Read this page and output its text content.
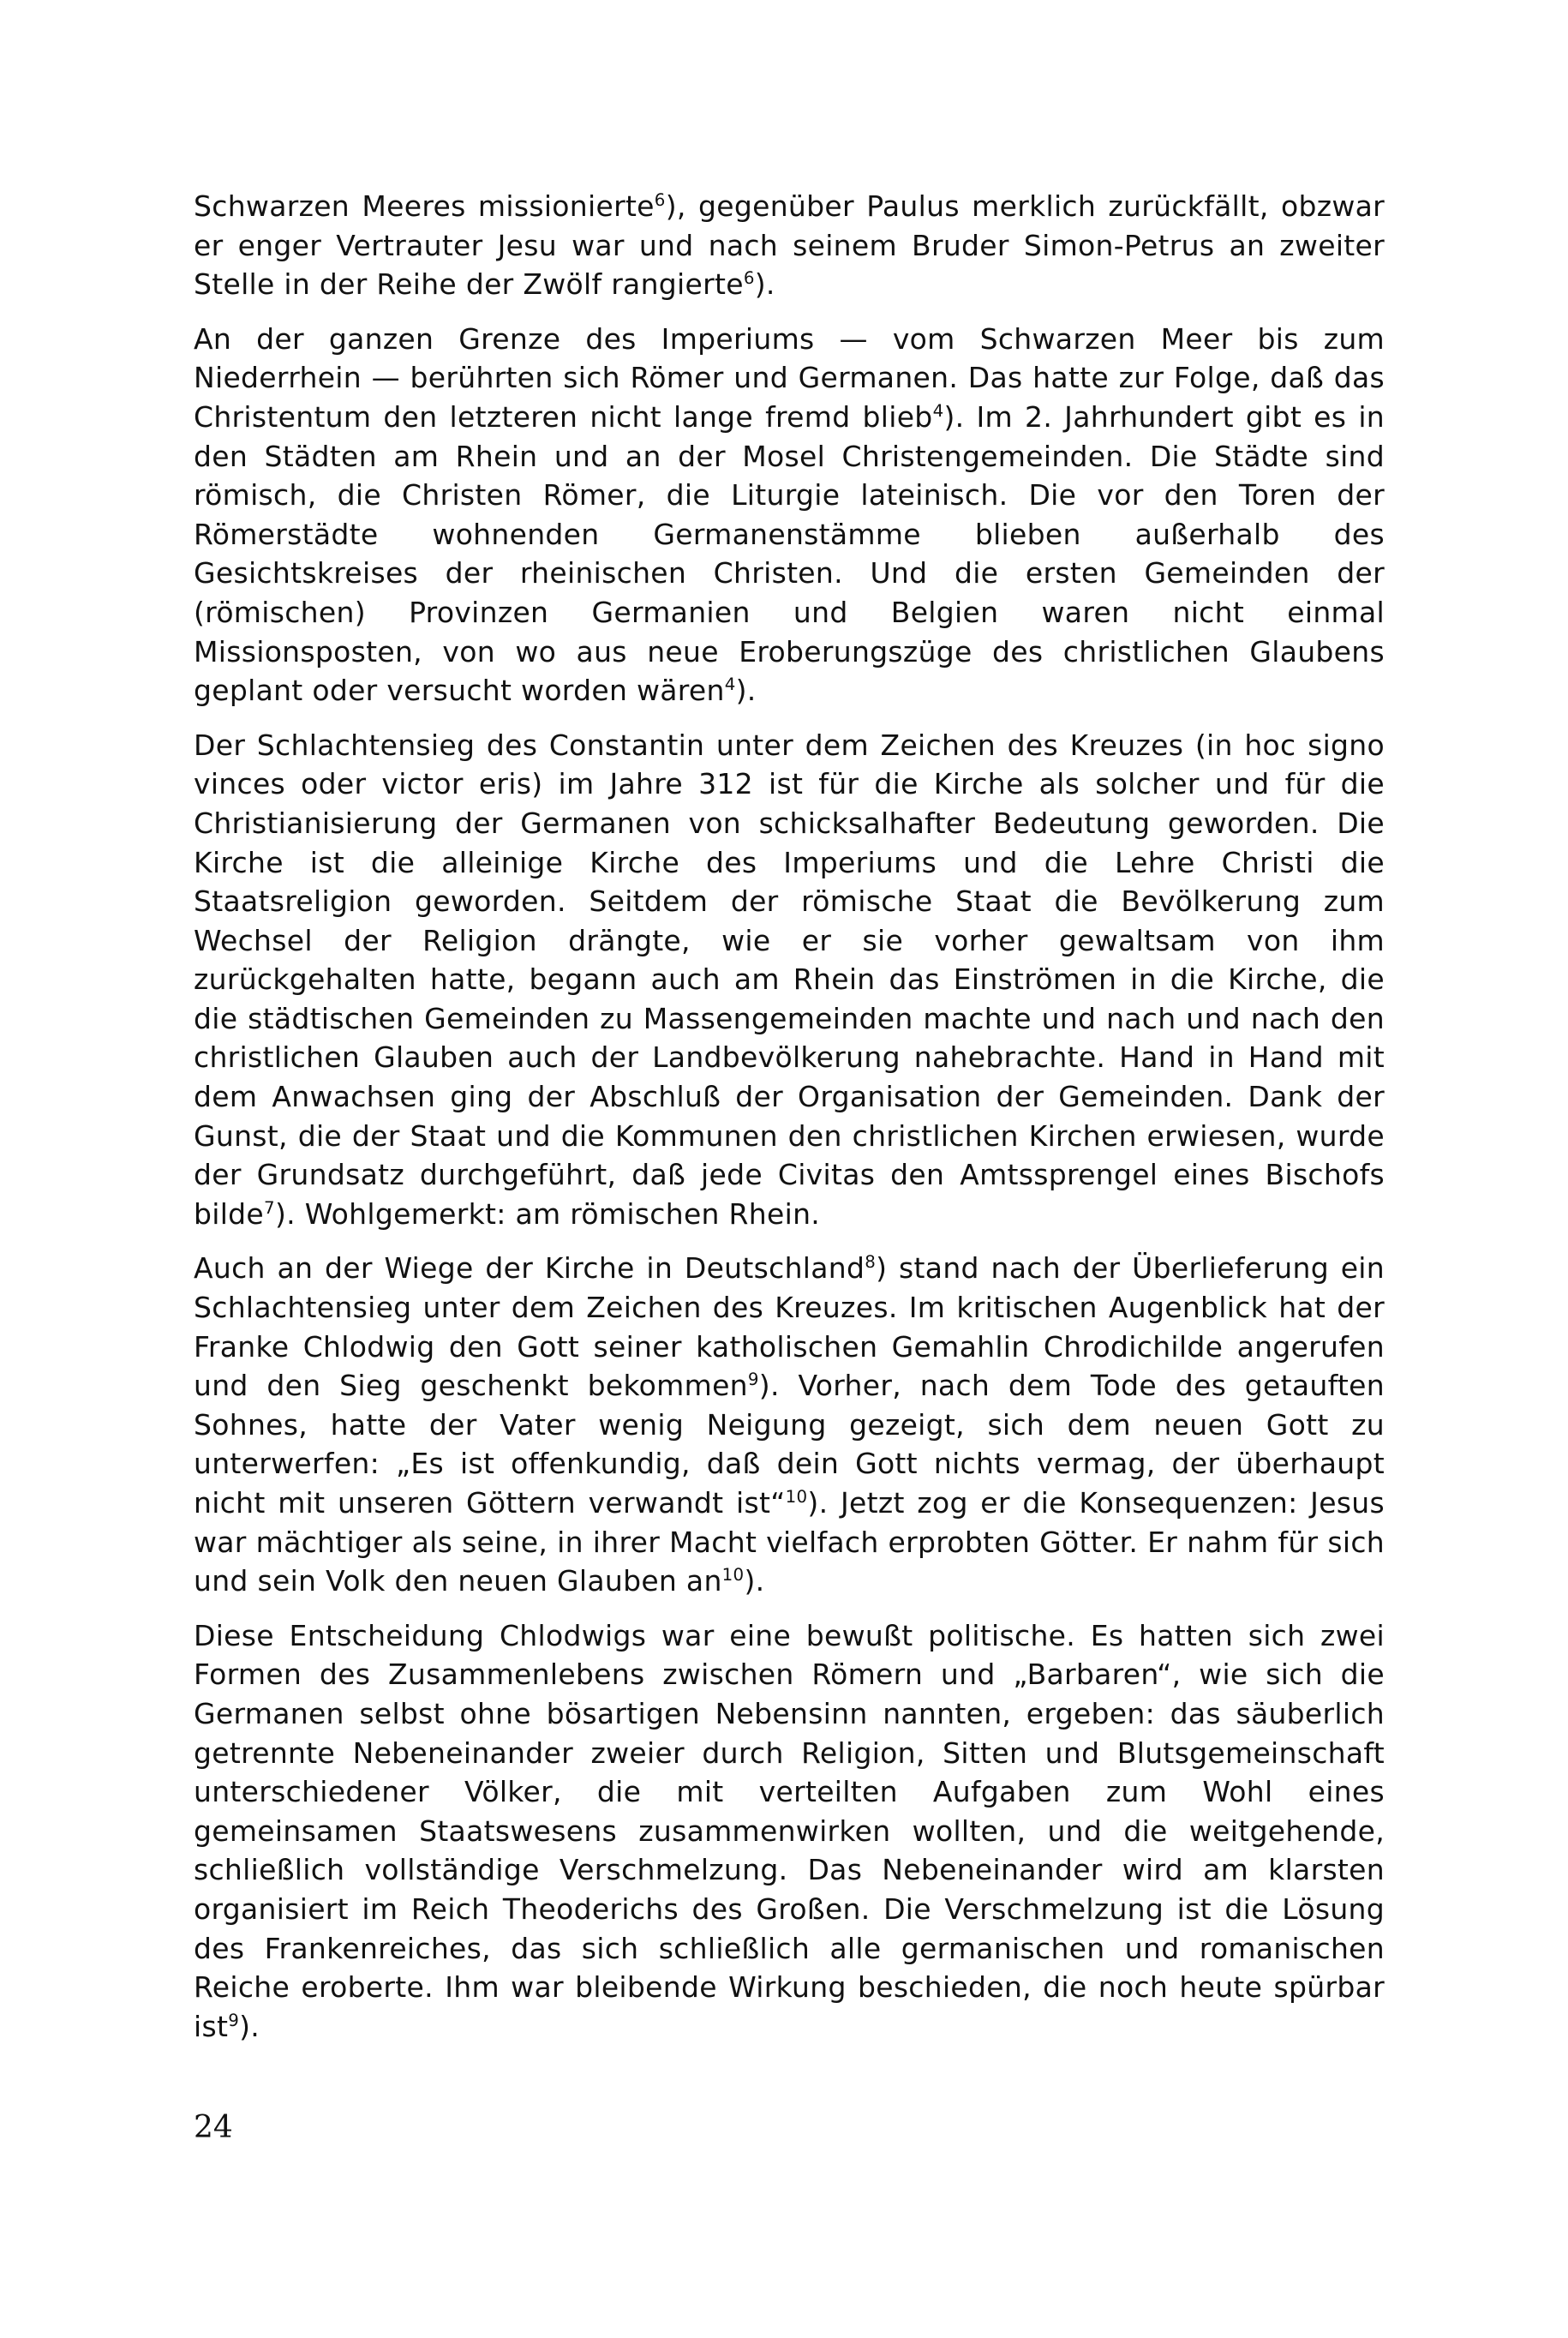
Schwarzen Meeres missionierte$^6$), gegenüber Paulus merklich zurückfällt, obzwar er enger Vertrauter Jesu war und nach seinem Bruder Simon-Petrus an zweiter Stelle in der Reihe der Zwölf rangierte$^6$).

An der ganzen Grenze des Imperiums — vom Schwarzen Meer bis zum Niederrhein — berührten sich Römer und Germanen. Das hatte zur Folge, daß das Christentum den letzteren nicht lange fremd blieb$^4$). Im 2. Jahrhundert gibt es in den Städten am Rhein und an der Mosel Christengemeinden. Die Städte sind römisch, die Christen Römer, die Liturgie lateinisch. Die vor den Toren der Römerstädte wohnenden Germanenstämme blieben außerhalb des Gesichtskreises der rheinischen Christen. Und die ersten Gemeinden der (römischen) Provinzen Germanien und Belgien waren nicht einmal Missionsposten, von wo aus neue Eroberungszüge des christlichen Glaubens geplant oder versucht worden wären$^4$).

Der Schlachtensieg des Constantin unter dem Zeichen des Kreuzes (in hoc signo vinces oder victor eris) im Jahre 312 ist für die Kirche als solcher und für die Christianisierung der Germanen von schicksalhafter Bedeutung geworden. Die Kirche ist die alleinige Kirche des Imperiums und die Lehre Christi die Staatsreligion geworden. Seitdem der römische Staat die Bevölkerung zum Wechsel der Religion drängte, wie er sie vorher gewaltsam von ihm zurückgehalten hatte, begann auch am Rhein das Einströmen in die Kirche, die die städtischen Gemeinden zu Massengemeinden machte und nach und nach den christlichen Glauben auch der Landbevölkerung nahebrachte. Hand in Hand mit dem Anwachsen ging der Abschluß der Organisation der Gemeinden. Dank der Gunst, die der Staat und die Kommunen den christlichen Kirchen erwiesen, wurde der Grundsatz durchgeführt, daß jede Civitas den Amtssprengel eines Bischofs bilde$^7$). Wohlgemerkt: am römischen Rhein.

Auch an der Wiege der Kirche in Deutschland$^8$) stand nach der Überlieferung ein Schlachtensieg unter dem Zeichen des Kreuzes. Im kritischen Augenblick hat der Franke Chlodwig den Gott seiner katholischen Gemahlin Chrodichilde angerufen und den Sieg geschenkt bekommen$^9$). Vorher, nach dem Tode des getauften Sohnes, hatte der Vater wenig Neigung gezeigt, sich dem neuen Gott zu unterwerfen: „Es ist offenkundig, daß dein Gott nichts vermag, der überhaupt nicht mit unseren Göttern verwandt ist“$^{10}$). Jetzt zog er die Konsequenzen: Jesus war mächtiger als seine, in ihrer Macht vielfach erprobten Götter. Er nahm für sich und sein Volk den neuen Glauben $an^{10}$).

Diese Entscheidung Chlodwigs war eine bewußt politische. Es hatten sich zwei Formen des Zusammenlebens zwischen Römern und „Barbaren“, wie sich die Germanen selbst ohne bösartigen Nebensinn nannten, ergeben: das säuberlich getrennte Nebeneinander zweier durch Religion, Sitten und Blutsgemeinschaft unterschiedener Völker, die mit verteilten Aufgaben zum Wohl eines gemeinsamen Staatswesens zusammenwirken wollten, und die weitgehende, schließlich vollständige Verschmelzung. Das Nebeneinander wird am klarsten organisiert im Reich Theoderichs des Großen. Die Verschmelzung ist die Lösung des Frankenreiches, das sich schließlich alle germanischen und romanischen Reiche eroberte. Ihm war bleibende Wirkung beschieden, die noch heute spürbar ist$^9$).

24
